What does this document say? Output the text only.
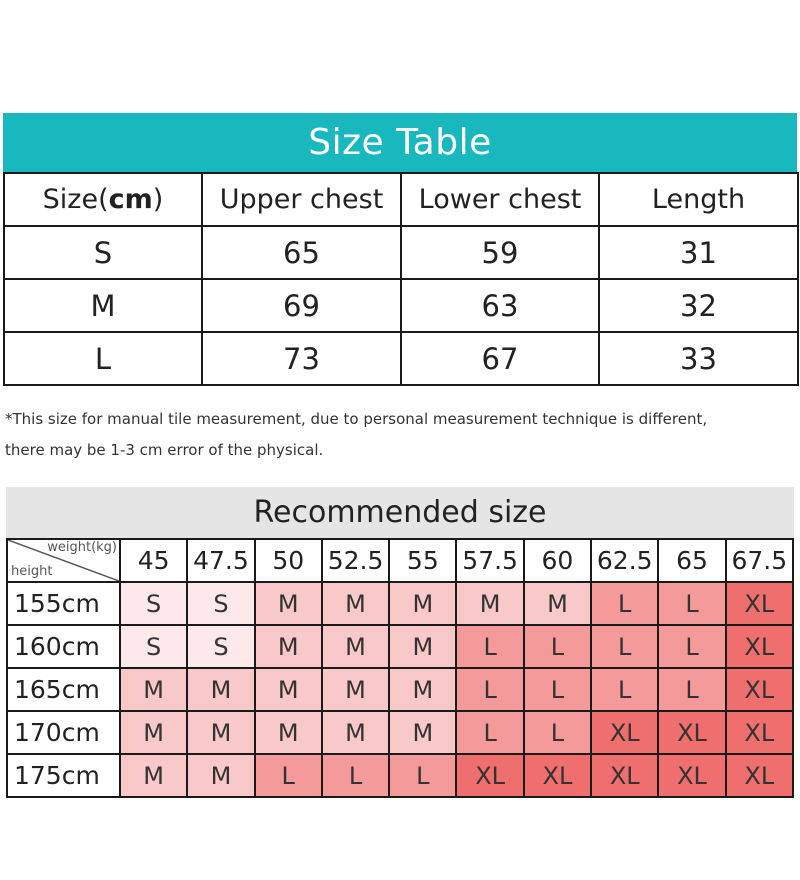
Size Table
Size(cm)	Upper chest	Lower chest	Length
S	65	59	31
M	69	63	32
L	73	67	33
*This size for manual tile measurement, due to personal measurement technique is different,
there may be 1-3 cm error of the physical.
Recommended size
weight(kg)
height	45	47.5	50	52.5	55	57.5	60	62.5	65	67.5
155cm	S	S	M	M	M	M	M	L	L	XL
160cm	S	S	M	M	M	L	L	L	L	XL
165cm	M	M	M	M	M	L	L	L	L	XL
170cm	M	M	M	M	M	L	L	XL	XL	XL
175cm	M	M	L	L	L	XL	XL	XL	XL	XL
